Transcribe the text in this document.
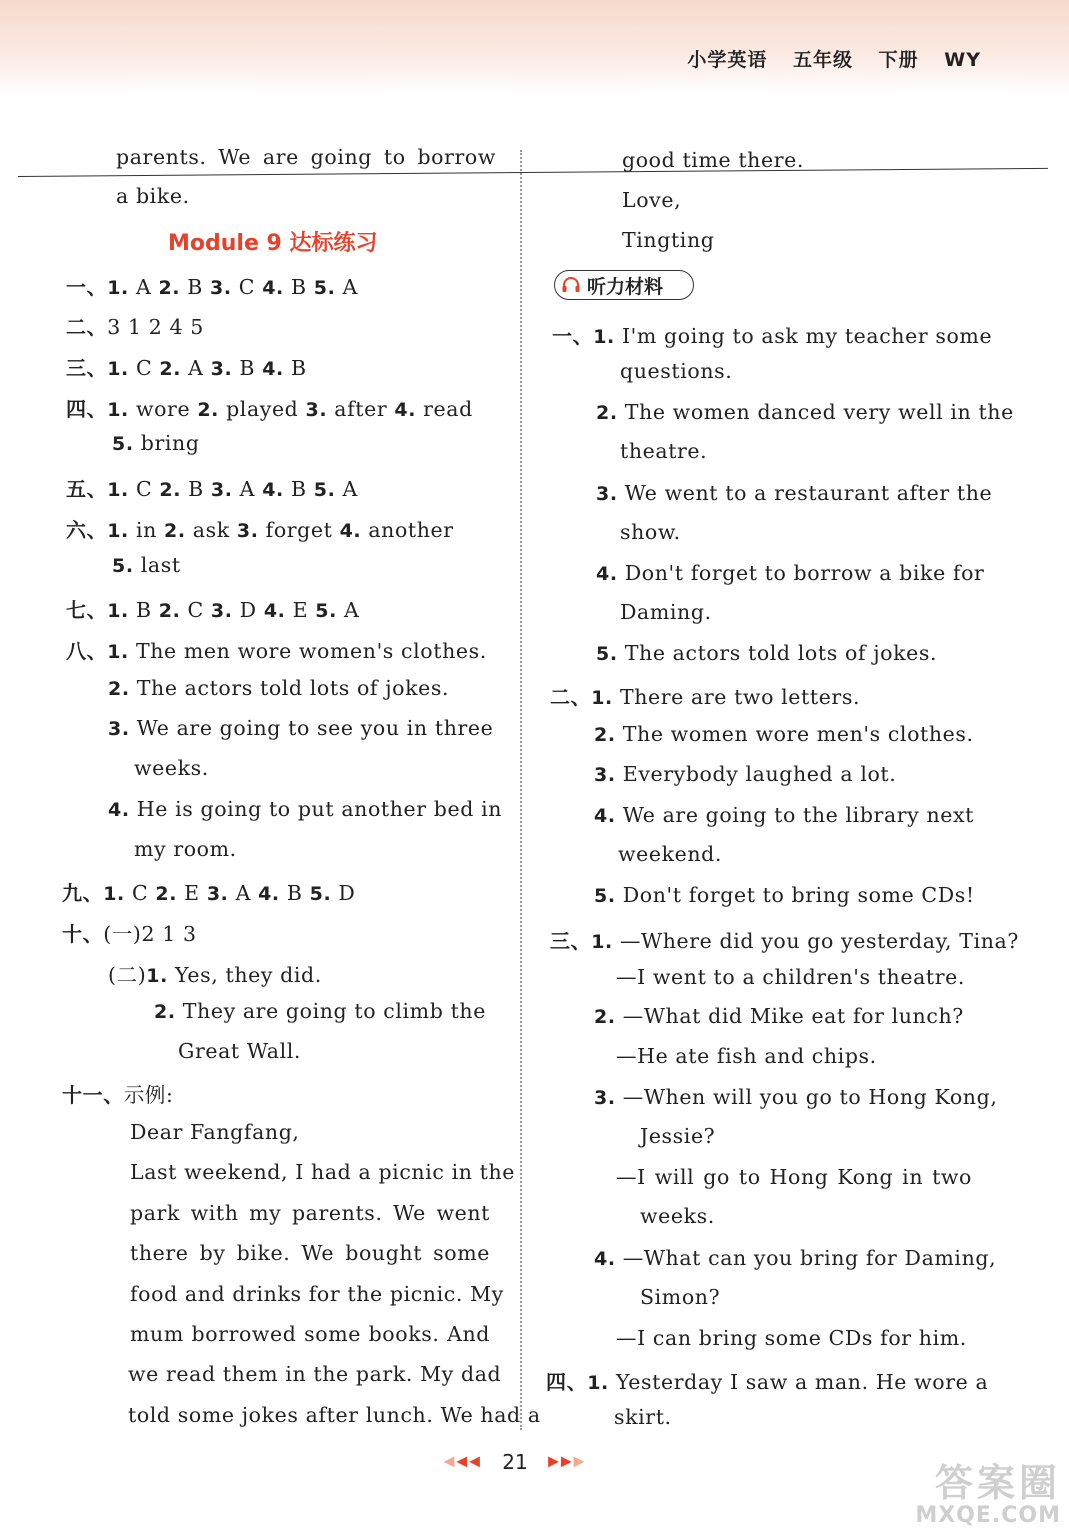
小学英语 五年级 下册 WY
Module 9 达标练习
听力材料
parents. We are going to borrow
a bike.
一、1. A 2. B 3. C 4. B 5. A
二、3 1 2 4 5
三、1. C 2. A 3. B 4. B
四、1. wore 2. played 3. after 4. read
5. bring
五、1. C 2. B 3. A 4. B 5. A
六、1. in 2. ask 3. forget 4. another
5. last
七、1. B 2. C 3. D 4. E 5. A
八、1. The men wore women's clothes.
2. The actors told lots of jokes.
3. We are going to see you in three
weeks.
4. He is going to put another bed in
my room.
九、1. C 2. E 3. A 4. B 5. D
十、(一)2 1 3
(二)1. Yes, they did.
2. They are going to climb the
Great Wall.
十一、示例:
Dear Fangfang,
Last weekend, I had a picnic in the
park with my parents. We went
there by bike. We bought some
food and drinks for the picnic. My
mum borrowed some books. And
we read them in the park. My dad
told some jokes after lunch. We had a
good time there.
Love,
Tingting
一、1. I'm going to ask my teacher some
questions.
2. The women danced very well in the
theatre.
3. We went to a restaurant after the
show.
4. Don't forget to borrow a bike for
Daming.
5. The actors told lots of jokes.
二、1. There are two letters.
2. The women wore men's clothes.
3. Everybody laughed a lot.
4. We are going to the library next
weekend.
5. Don't forget to bring some CDs!
三、1. —Where did you go yesterday, Tina?
—I went to a children's theatre.
2. —What did Mike eat for lunch?
—He ate fish and chips.
3. —When will you go to Hong Kong,
Jessie?
—I will go to Hong Kong in two
weeks.
4. —What can you bring for Daming,
Simon?
—I can bring some CDs for him.
四、1. Yesterday I saw a man. He wore a
skirt.
◀◀◀ 21 ▶▶▶	答案圈
MXQE.COM
